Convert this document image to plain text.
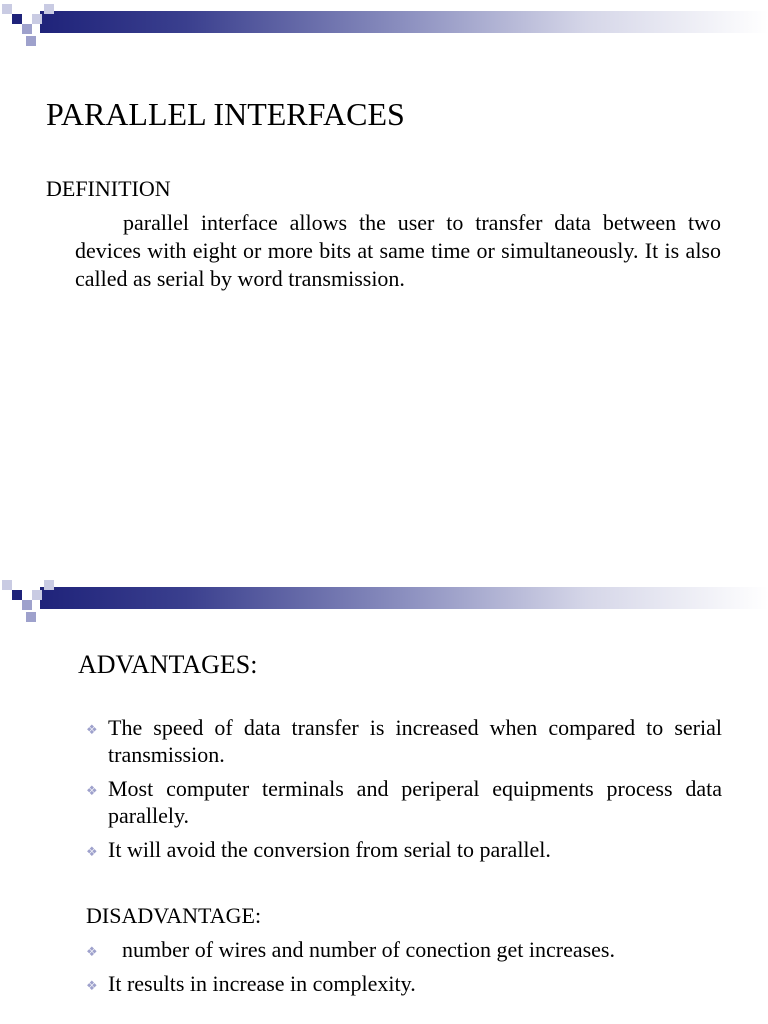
PARALLEL INTERFACES
DEFINITION

parallel interface allows the user to transfer data between two devices with eight or more bits at same time or simultaneously. It is also called as serial by word transmission.

ADVANTAGES:
❖ The speed of data transfer is increased when compared to serial transmission.
❖ Most computer terminals and periperal equipments process data parallely.
❖ It will avoid the conversion from serial to parallel.
DISADVANTAGE:
❖ number of wires and number of conection get increases.
❖ It results in increase in complexity.
